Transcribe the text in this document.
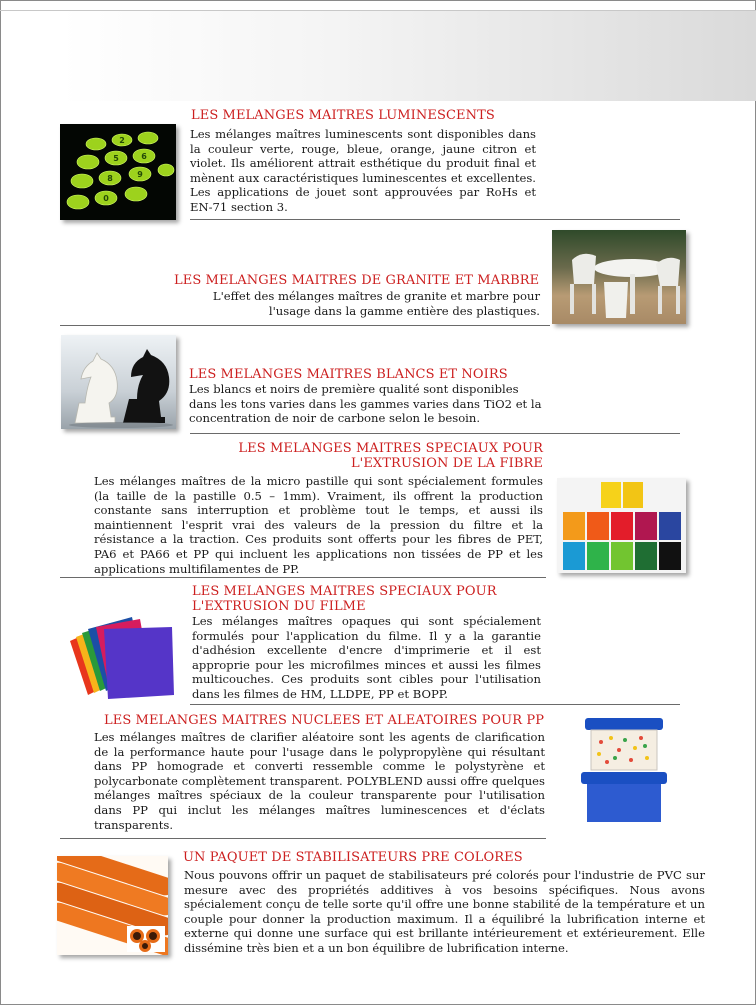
2
5	6
8	9
0
LES MELANGES MAITRES LUMINESCENTS

Les mélanges maîtres luminescents sont disponibles dans la couleur verte, rouge, bleue, orange, jaune citron et violet. Ils améliorent attrait esthétique du produit final et mènent aux caractéristiques luminescentes et excellentes. Les applications de jouet sont approuvées par RoHs et EN-71 section 3.

LES MELANGES MAITRES DE GRANITE ET MARBRE

L'effet des mélanges maîtres de granite et marbre pour l'usage dans la gamme entière des plastiques.

LES MELANGES MAITRES BLANCS ET NOIRS

Les blancs et noirs de première qualité sont disponibles dans les tons varies dans les gammes varies dans TiO2 et la concentration de noir de carbone selon le besoin.

LES MELANGES MAITRES SPECIAUX POUR
L'EXTRUSION DE LA FIBRE

Les mélanges maîtres de la micro pastille qui sont spécialement formules (la taille de la pastille 0.5 – 1mm). Vraiment, ils offrent la production constante sans interruption et problème tout le temps, et aussi ils maintiennent l'esprit vrai des valeurs de la pression du filtre et la résistance a la traction. Ces produits sont offerts pour les fibres de PET, PA6 et PA66 et PP qui incluent les applications non tissées de PP et les applications multifilamentes de PP.

LES MELANGES MAITRES SPECIAUX POUR
L'EXTRUSION DU FILME

Les mélanges maîtres opaques qui sont spécialement formulés pour l'application du filme. Il y a la garantie d'adhésion excellente d'encre d'imprimerie et il est approprie pour les microfilmes minces et aussi les filmes multicouches. Ces produits sont cibles pour l'utilisation dans les filmes de HM, LLDPE, PP et BOPP.

LES MELANGES MAITRES NUCLEES ET ALEATOIRES POUR PP

Les mélanges maîtres de clarifier aléatoire sont les agents de clarification de la performance haute pour l'usage dans le polypropylène qui résultant dans PP homograde et converti ressemble comme le polystyrène et polycarbonate complètement transparent. POLYBLEND aussi offre quelques mélanges maîtres spéciaux de la couleur transparente pour l'utilisation dans PP qui inclut les mélanges maîtres luminescences et d'éclats transparents.

UN PAQUET DE STABILISATEURS PRE COLORES

Nous pouvons offrir un paquet de stabilisateurs pré colorés pour l'industrie de PVC sur mesure avec des propriétés additives à vos besoins spécifiques. Nous avons spécialement conçu de telle sorte qu'il offre une bonne stabilité de la température et un couple pour donner la production maximum. Il a équilibré la lubrification interne et externe qui donne une surface qui est brillante intérieurement et extérieurement. Elle dissémine très bien et a un bon équilibre de lubrification interne.
